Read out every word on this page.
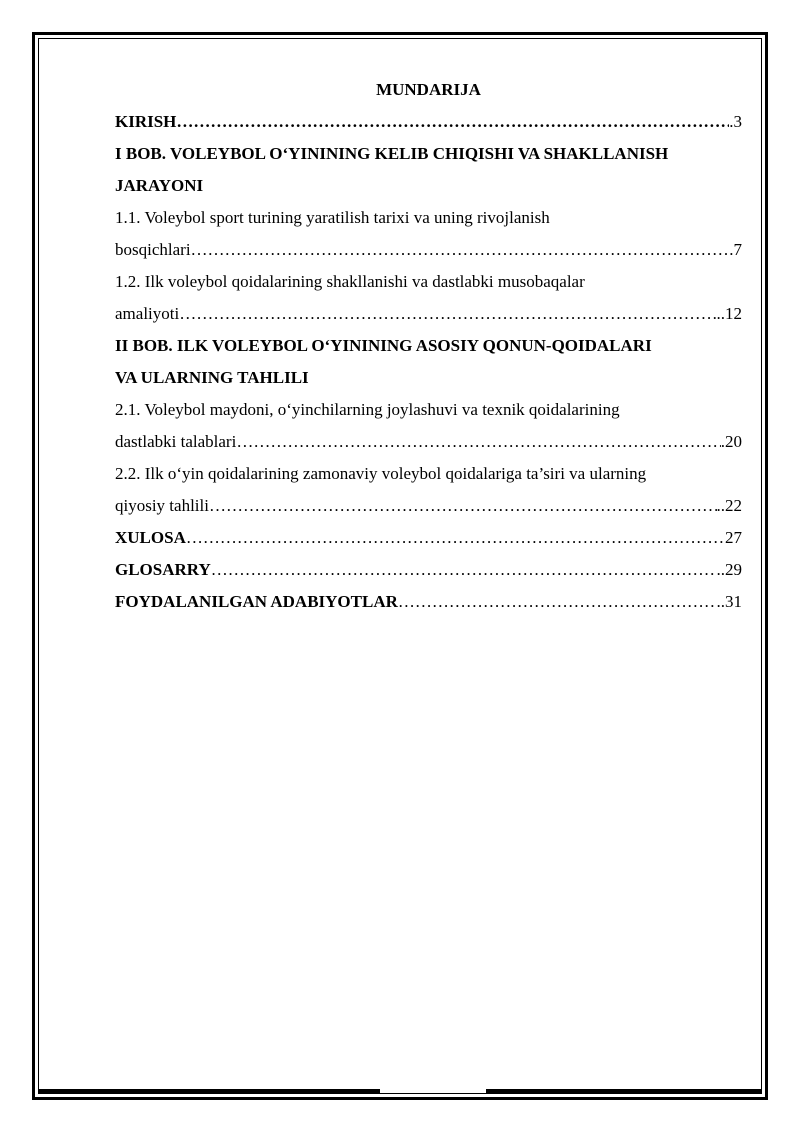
MUNDARIJA
KIRISH ……………………………………………………………………………………………………………………………………………………………………	.3
I BOB. VOLEYBOL O‘YININING KELIB CHIQISHI VA SHAKLLANISH
JARAYONI
1.1. Voleybol sport turining yaratilish tarixi va uning rivojlanish
bosqichlari ……………………………………………………………………………………………………………………………………………………………………	.7
1.2. Ilk voleybol qoidalarining shakllanishi va dastlabki musobaqalar
amaliyoti ……………………………………………………………………………………………………………………………………………………………………	..12
II BOB. ILK VOLEYBOL O‘YININING ASOSIY QONUN-QOIDALARI
VA ULARNING TAHLILI
2.1. Voleybol maydoni, o‘yinchilarning joylashuvi va texnik qoidalarining
dastlabki talablari ……………………………………………………………………………………………………………………………………………………………………	.20
2.2. Ilk o‘yin qoidalarining zamonaviy voleybol qoidalariga ta’siri va ularning
qiyosiy tahlili ……………………………………………………………………………………………………………………………………………………………………	..22
XULOSA ……………………………………………………………………………………………………………………………………………………………………	27
GLOSARRY ……………………………………………………………………………………………………………………………………………………………………	..29
FOYDALANILGAN ADABIYOTLAR ……………………………………………………………………………………………………………………………………………………………………	..31
